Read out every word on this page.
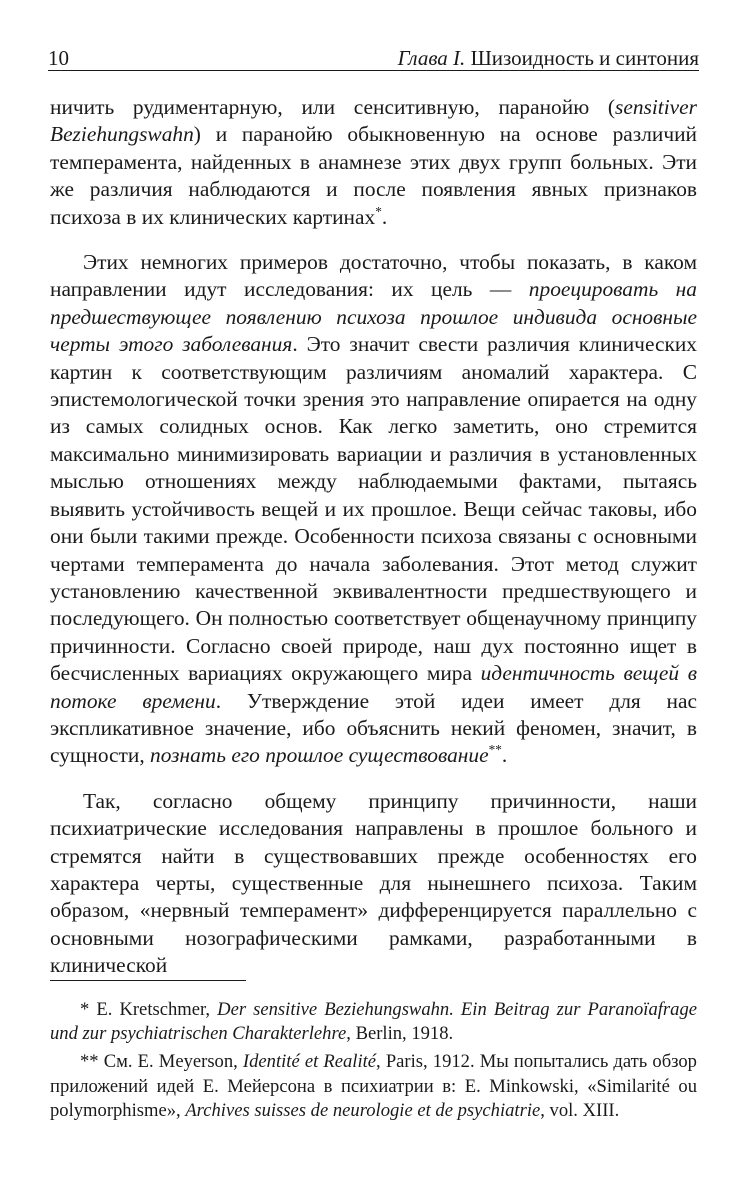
10	Глава I. Шизоидность и синтония

ничить рудиментарную, или сенситивную, паранойю (sensitiver Beziehungswahn) и паранойю обыкновенную на основе различий темперамента, найденных в анамнезе этих двух групп больных. Эти же различия наблюдаются и после появления явных признаков психоза в их клинических картинах*.

Этих немногих примеров достаточно, чтобы показать, в каком направлении идут исследования: их цель — проецировать на предшествующее появлению психоза прошлое индивида основные черты этого заболевания. Это значит свести различия клинических картин к соответствующим различиям аномалий характера. С эпистемологической точки зрения это направление опирается на одну из самых солидных основ. Как легко заметить, оно стремится максимально минимизировать вариации и различия в установленных мыслью отношениях между наблюдаемыми фактами, пытаясь выявить устойчивость вещей и их прошлое. Вещи сейчас таковы, ибо они были такими прежде. Особенности психоза связаны с основными чертами темперамента до начала заболевания. Этот метод служит установлению качественной эквивалентности предшествующего и последующего. Он полностью соответствует общенаучному принципу причинности. Согласно своей природе, наш дух постоянно ищет в бесчисленных вариациях окружающего мира идентичность вещей в потоке времени. Утверждение этой идеи имеет для нас экспликативное значение, ибо объяснить некий феномен, значит, в сущности, познать его прошлое существование**.

Так, согласно общему принципу причинности, наши психиатрические исследования направлены в прошлое больного и стремятся найти в существовавших прежде особенностях его характера черты, существенные для нынешнего психоза. Таким образом, «нервный темперамент» дифференцируется параллельно с основными нозографическими рамками, разработанными в клинической

* E. Kretschmer, Der sensitive Beziehungswahn. Ein Beitrag zur Paranoïafrage und zur psychiatrischen Charakterlehre, Berlin, 1918.

** См. E. Meyerson, Identité et Realité, Paris, 1912. Мы попытались дать обзор приложений идей Е. Мейерсона в психиатрии в: E. Minkowski, «Similarité ou polymorphisme», Archives suisses de neurologie et de psychiatrie, vol. XIII.
